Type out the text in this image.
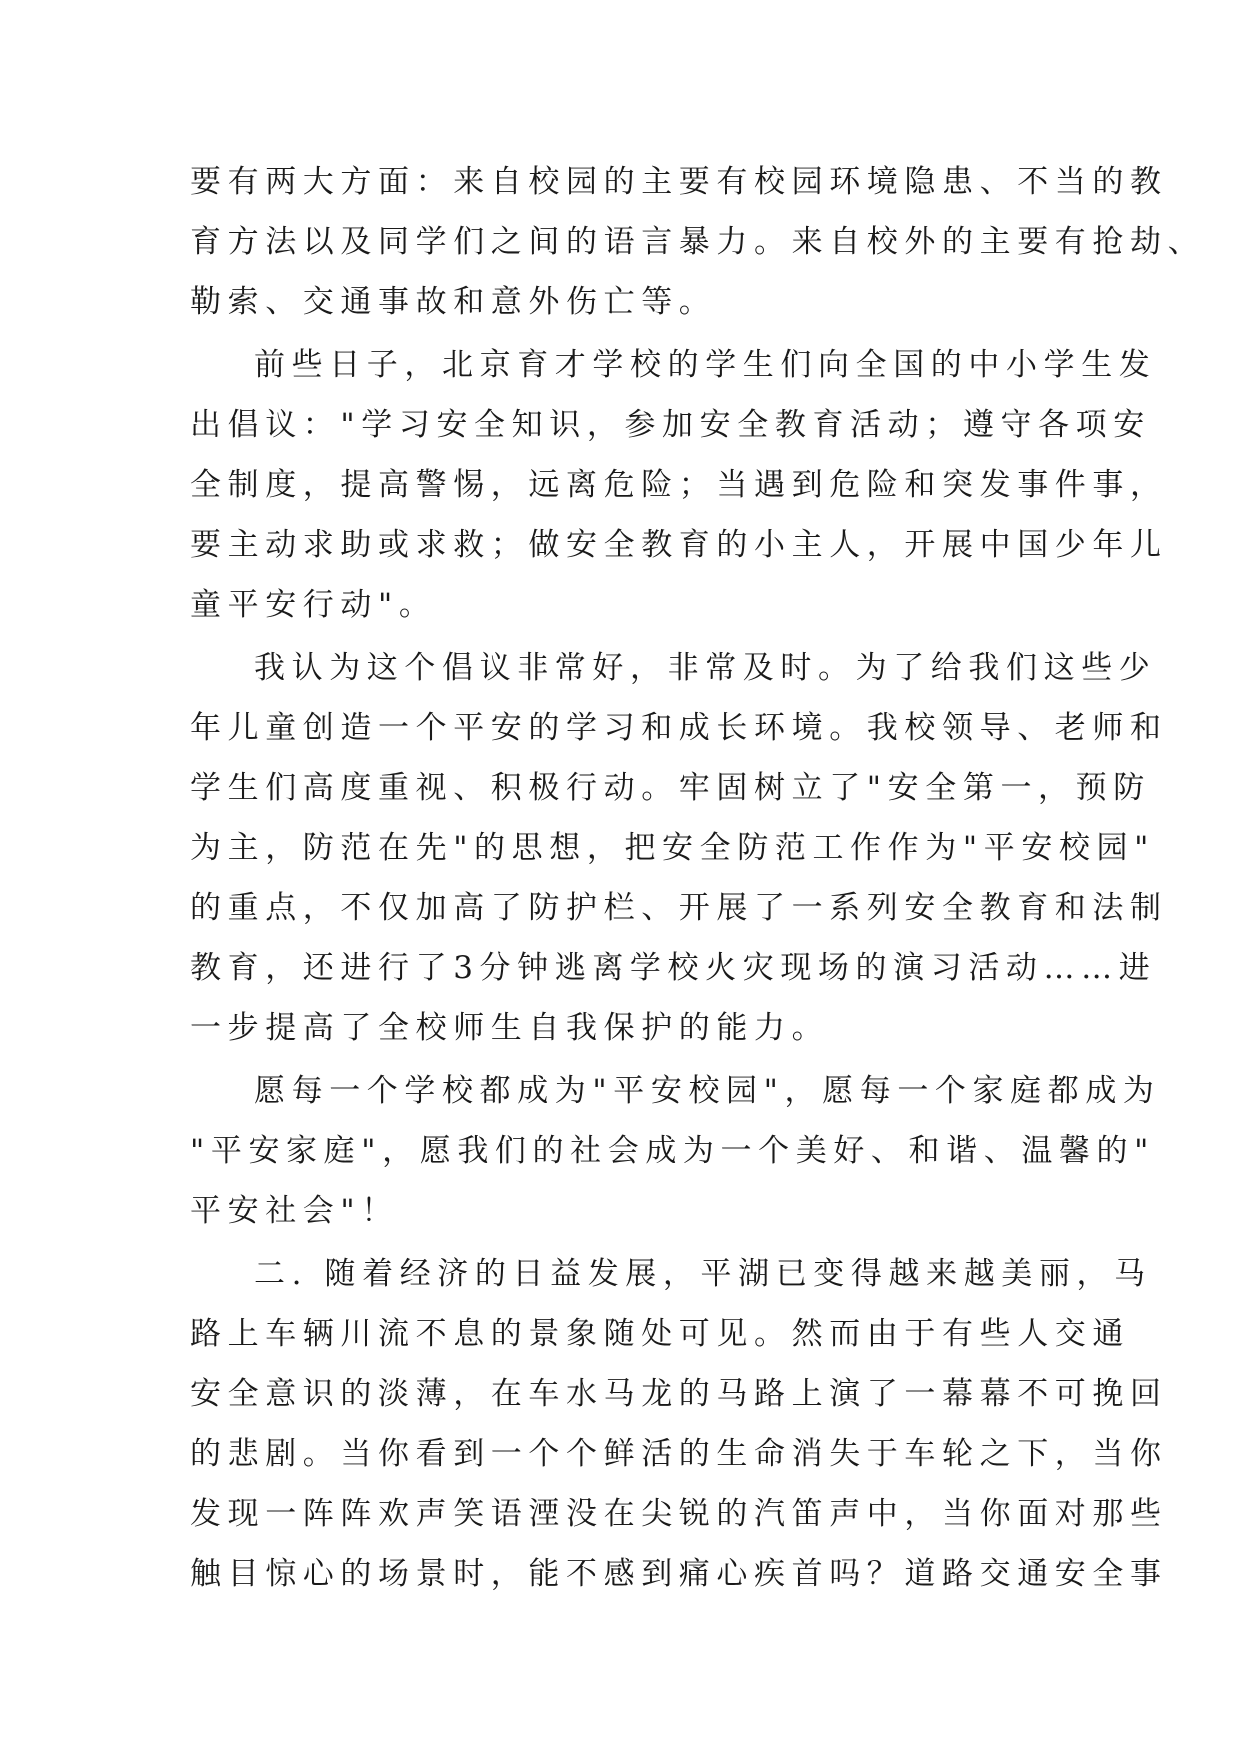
要有两大方面：来自校园的主要有校园环境隐患、不当的教
育方法以及同学们之间的语言暴力。来自校外的主要有抢劫、
勒索、交通事故和意外伤亡等。
前些日子，北京育才学校的学生们向全国的中小学生发
出倡议："学习安全知识，参加安全教育活动；遵守各项安
全制度，提高警惕，远离危险；当遇到危险和突发事件事，
要主动求助或求救；做安全教育的小主人，开展中国少年儿
童平安行动"。
我认为这个倡议非常好，非常及时。为了给我们这些少
年儿童创造一个平安的学习和成长环境。我校领导、老师和
学生们高度重视、积极行动。牢固树立了"安全第一，预防
为主，防范在先"的思想，把安全防范工作作为"平安校园"
的重点，不仅加高了防护栏、开展了一系列安全教育和法制
教育，还进行了3分钟逃离学校火灾现场的演习活动……进
一步提高了全校师生自我保护的能力。
愿每一个学校都成为"平安校园"，愿每一个家庭都成为
"平安家庭"，愿我们的社会成为一个美好、和谐、温馨的"
平安社会"！
二. 随着经济的日益发展，平湖已变得越来越美丽，马
路上车辆川流不息的景象随处可见。然而由于有些人交通
安全意识的淡薄，在车水马龙的马路上演了一幕幕不可挽回
的悲剧。当你看到一个个鲜活的生命消失于车轮之下，当你
发现一阵阵欢声笑语湮没在尖锐的汽笛声中，当你面对那些
触目惊心的场景时，能不感到痛心疾首吗？道路交通安全事
